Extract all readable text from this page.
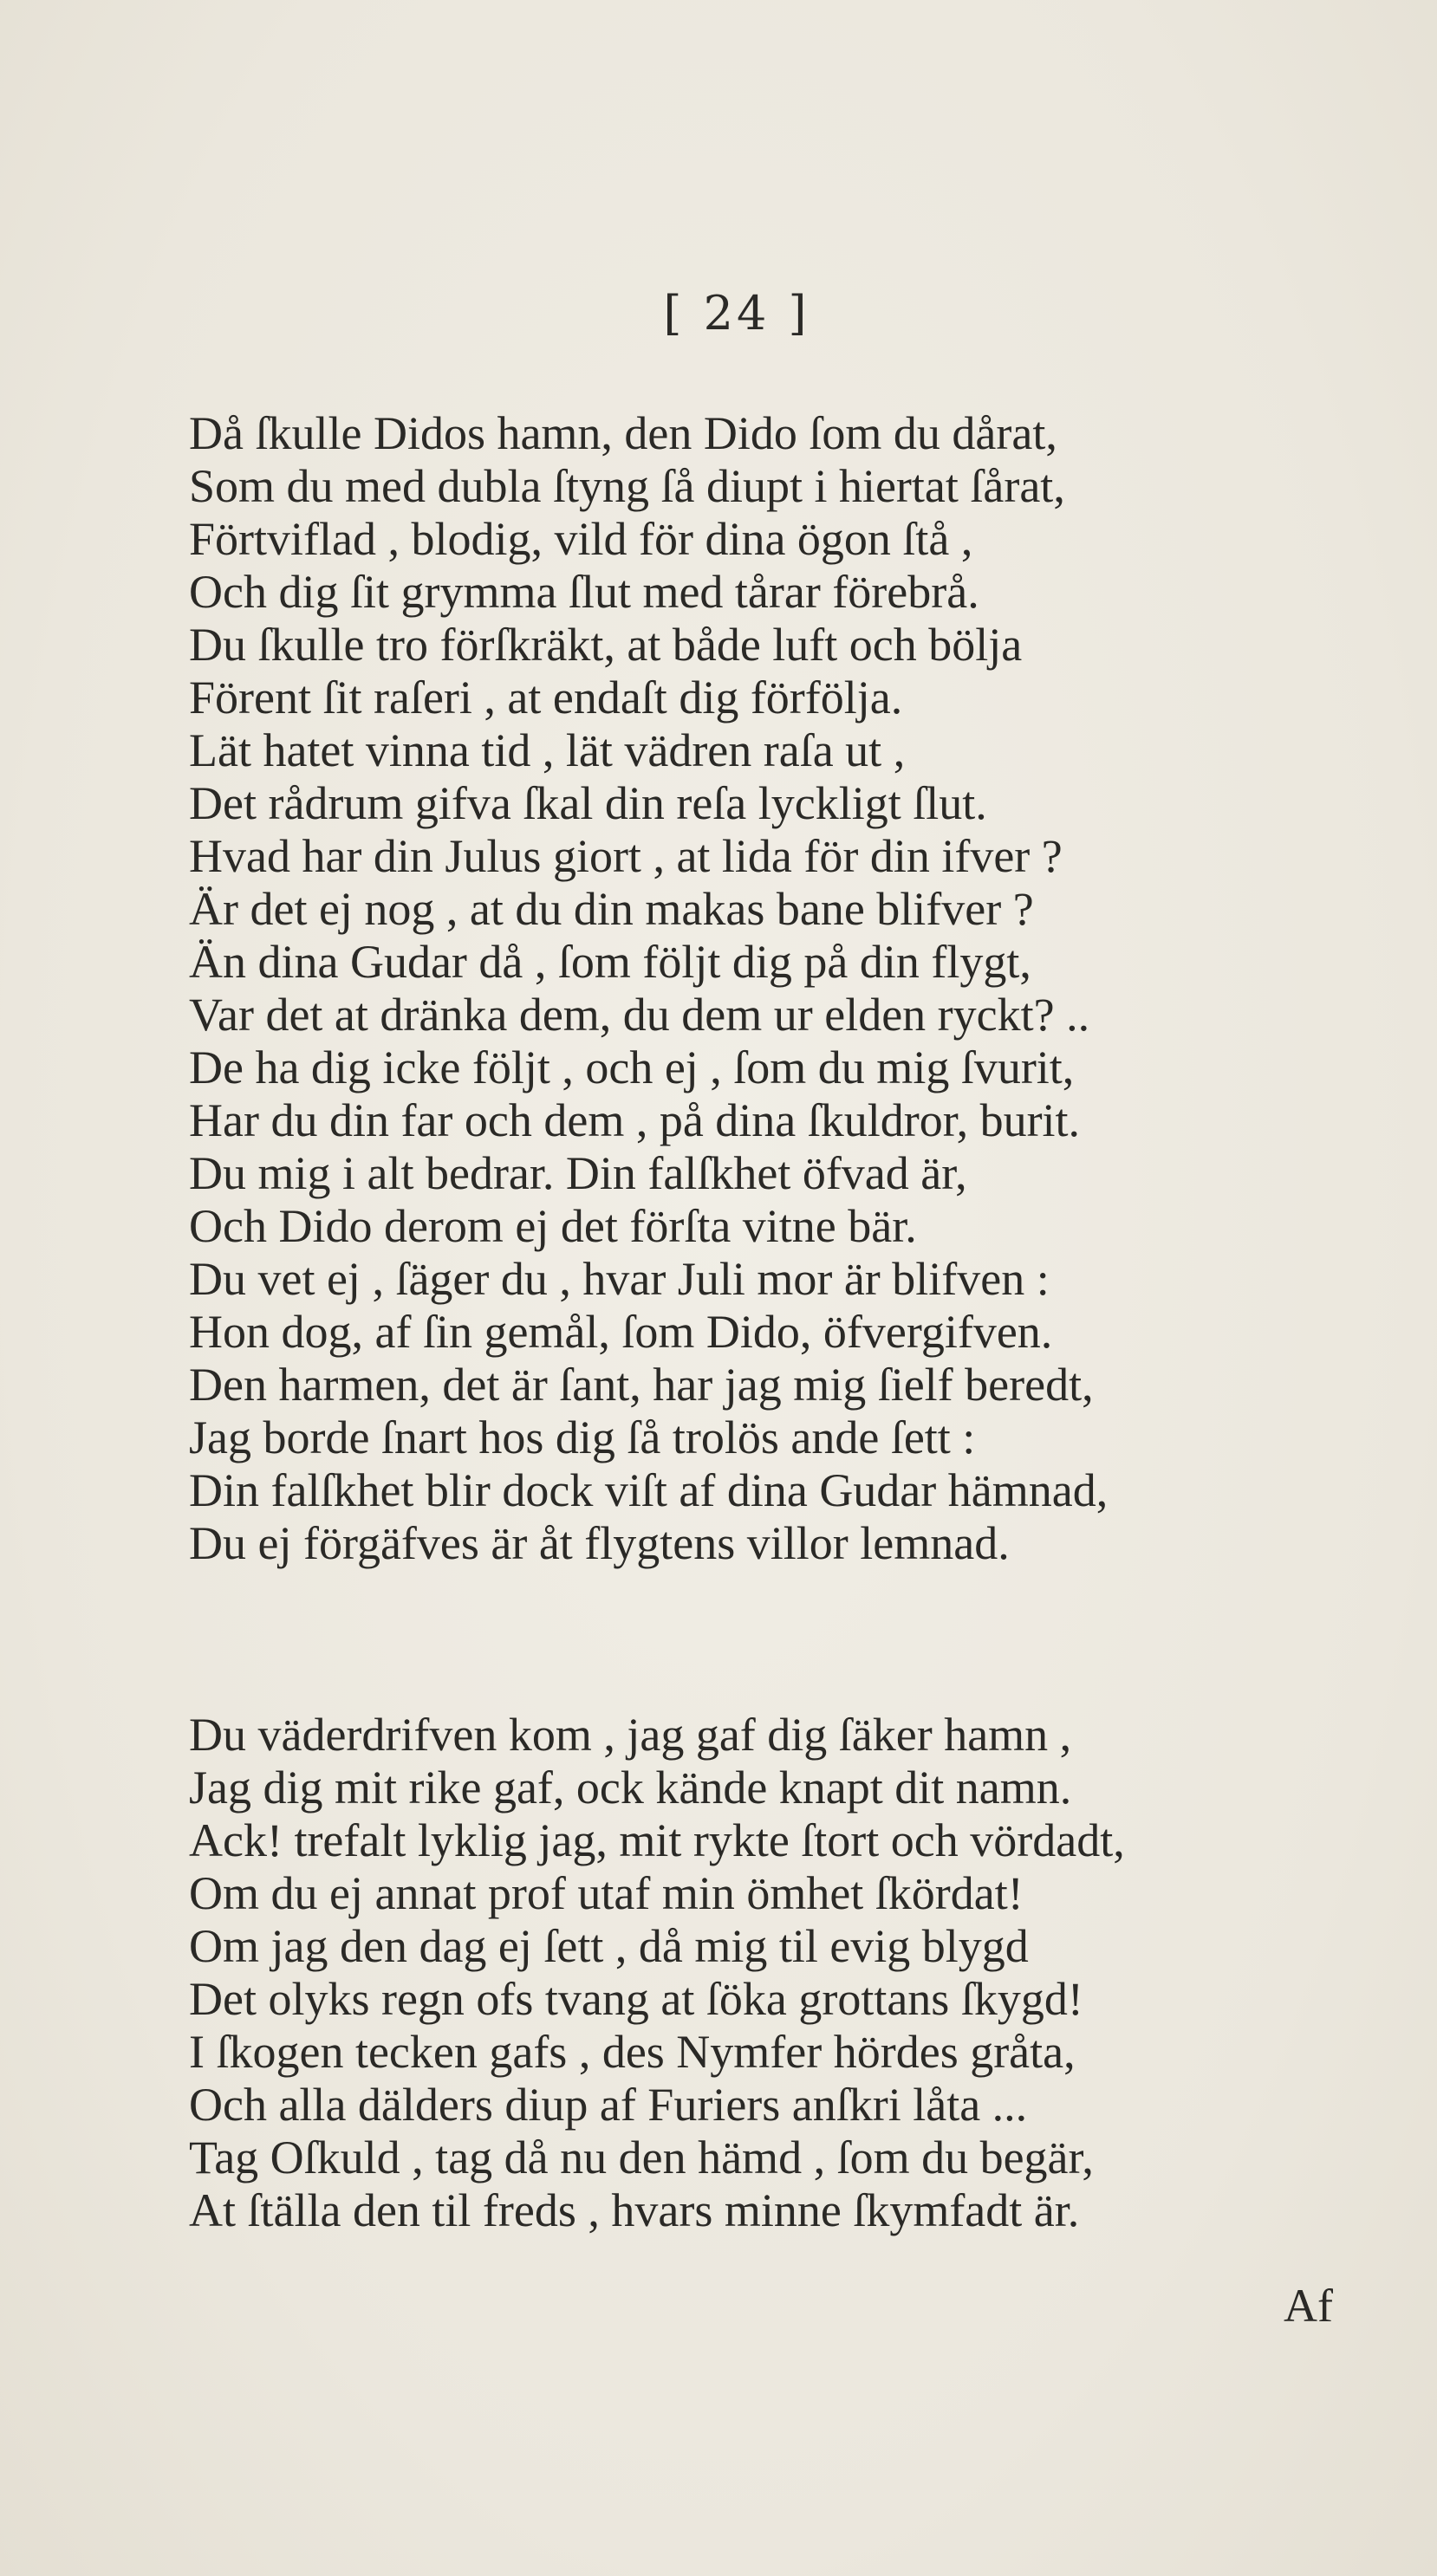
[ 24 ]
Då ſkulle Didos hamn, den Dido ſom du dårat,
Som du med dubla ſtyng ſå diupt i hiertat ſårat,
Förtviflad , blodig, vild för dina ögon ſtå ,
Och dig ſit grymma ſlut med tårar förebrå.
Du ſkulle tro förſkräkt, at både luft och bölja
Förent ſit raſeri , at endaſt dig förfölja.
Lät hatet vinna tid , lät vädren raſa ut ,
Det rådrum gifva ſkal din reſa lyckligt ſlut.
Hvad har din Julus giort , at lida för din ifver ?
Är det ej nog , at du din makas bane blifver ?
Än dina Gudar då , ſom följt dig på din flygt,
Var det at dränka dem, du dem ur elden ryckt? ..
De ha dig icke följt , och ej , ſom du mig ſvurit,
Har du din far och dem , på dina ſkuldror, burit.
Du mig i alt bedrar. Din falſkhet öfvad är,
Och Dido derom ej det förſta vitne bär.
Du vet ej , ſäger du , hvar Juli mor är blifven :
Hon dog, af ſin gemål, ſom Dido, öfvergifven.
Den harmen, det är ſant, har jag mig ſielf beredt,
Jag borde ſnart hos dig ſå trolös ande ſett :
Din falſkhet blir dock viſt af dina Gudar hämnad,
Du ej förgäfves är åt flygtens villor lemnad.
Du väderdrifven kom , jag gaf dig ſäker hamn ,
Jag dig mit rike gaf, ock kände knapt dit namn.
Ack! trefalt lyklig jag, mit rykte ſtort och vördadt,
Om du ej annat prof utaf min ömhet ſkördat!
Om jag den dag ej ſett , då mig til evig blygd
Det olyks regn ofs tvang at ſöka grottans ſkygd!
I ſkogen tecken gafs , des Nymfer hördes gråta,
Och alla dälders diup af Furiers anſkri låta ...
Tag Oſkuld , tag då nu den hämd , ſom du begär,
At ſtälla den til freds , hvars minne ſkymfadt är.
Af
